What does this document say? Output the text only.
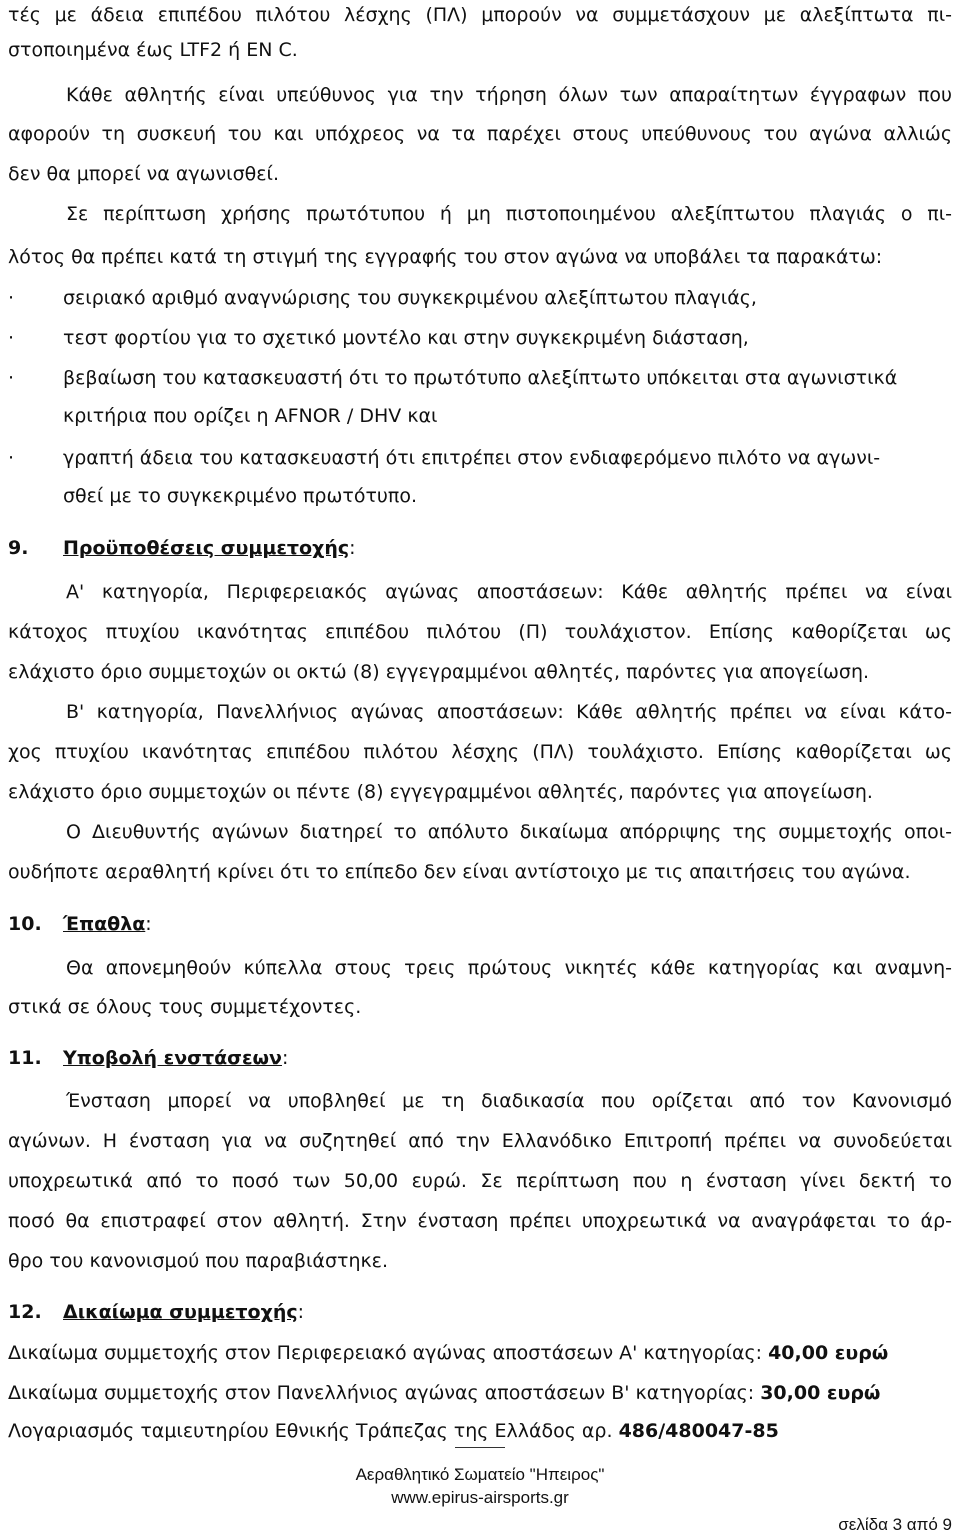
τές με άδεια επιπέδου πιλότου λέσχης (ΠΛ) μπορούν να συμμετάσχουν με αλεξίπτωτα πι-
στοποιημένα έως LTF2 ή EN C.
Κάθε αθλητής είναι υπεύθυνος για την τήρηση όλων των απαραίτητων έγγραφων που
αφορούν τη συσκευή του και υπόχρεος να τα παρέχει στους υπεύθυνους του αγώνα αλλιώς
δεν θα μπορεί να αγωνισθεί.
Σε περίπτωση χρήσης πρωτότυπου ή μη πιστοποιημένου αλεξίπτωτου πλαγιάς ο πι-
λότος θα πρέπει κατά τη στιγμή της εγγραφής του στον αγώνα να υποβάλει τα παρακάτω:
·	σειριακό αριθμό αναγνώρισης του συγκεκριμένου αλεξίπτωτου πλαγιάς,
·	τεστ φορτίου για το σχετικό μοντέλο και στην συγκεκριμένη διάσταση,
·	βεβαίωση του κατασκευαστή ότι το πρωτότυπο αλεξίπτωτο υπόκειται στα αγωνιστικά
κριτήρια που ορίζει η AFNOR / DHV και
·	γραπτή άδεια του κατασκευαστή ότι επιτρέπει στον ενδιαφερόμενο πιλότο να αγωνι-
σθεί με το συγκεκριμένο πρωτότυπο.
9. Προϋποθέσεις συμμετοχής:
Α' κατηγορία, Περιφερειακός αγώνας αποστάσεων: Κάθε αθλητής πρέπει να είναι
κάτοχος πτυχίου ικανότητας επιπέδου πιλότου (Π) τουλάχιστον. Επίσης καθορίζεται ως
ελάχιστο όριο συμμετοχών οι οκτώ (8) εγγεγραμμένοι αθλητές, παρόντες για απογείωση.
Β' κατηγορία, Πανελλήνιος αγώνας αποστάσεων: Κάθε αθλητής πρέπει να είναι κάτο-
χος πτυχίου ικανότητας επιπέδου πιλότου λέσχης (ΠΛ) τουλάχιστο. Επίσης καθορίζεται ως
ελάχιστο όριο συμμετοχών οι πέντε (8) εγγεγραμμένοι αθλητές, παρόντες για απογείωση.
Ο Διευθυντής αγώνων διατηρεί το απόλυτο δικαίωμα απόρριψης της συμμετοχής οποι-
ουδήποτε αεραθλητή κρίνει ότι το επίπεδο δεν είναι αντίστοιχο με τις απαιτήσεις του αγώνα.
10. Έπαθλα:
Θα απονεμηθούν κύπελλα στους τρεις πρώτους νικητές κάθε κατηγορίας και αναμνη-
στικά σε όλους τους συμμετέχοντες.
11. Υποβολή ενστάσεων:
Ένσταση μπορεί να υποβληθεί με τη διαδικασία που ορίζεται από τον Κανονισμό
αγώνων. Η ένσταση για να συζητηθεί από την Ελλανόδικο Επιτροπή πρέπει να συνοδεύεται
υποχρεωτικά από το ποσό των 50,00 ευρώ. Σε περίπτωση που η ένσταση γίνει δεκτή το
ποσό θα επιστραφεί στον αθλητή. Στην ένσταση πρέπει υποχρεωτικά να αναγράφεται το άρ-
θρο του κανονισμού που παραβιάστηκε.
12. Δικαίωμα συμμετοχής:
Δικαίωμα συμμετοχής στον Περιφερειακό αγώνας αποστάσεων Α' κατηγορίας: 40,00 ευρώ
Δικαίωμα συμμετοχής στον Πανελλήνιος αγώνας αποστάσεων Β' κατηγορίας: 30,00 ευρώ
Λογαριασμός ταμιευτηρίου Εθνικής Τράπεζας της Ελλάδος αρ. 486/480047-85
Αεραθλητικό Σωματείο "Ηπειρος"
www.epirus-airsports.gr
σελίδα 3 από 9
